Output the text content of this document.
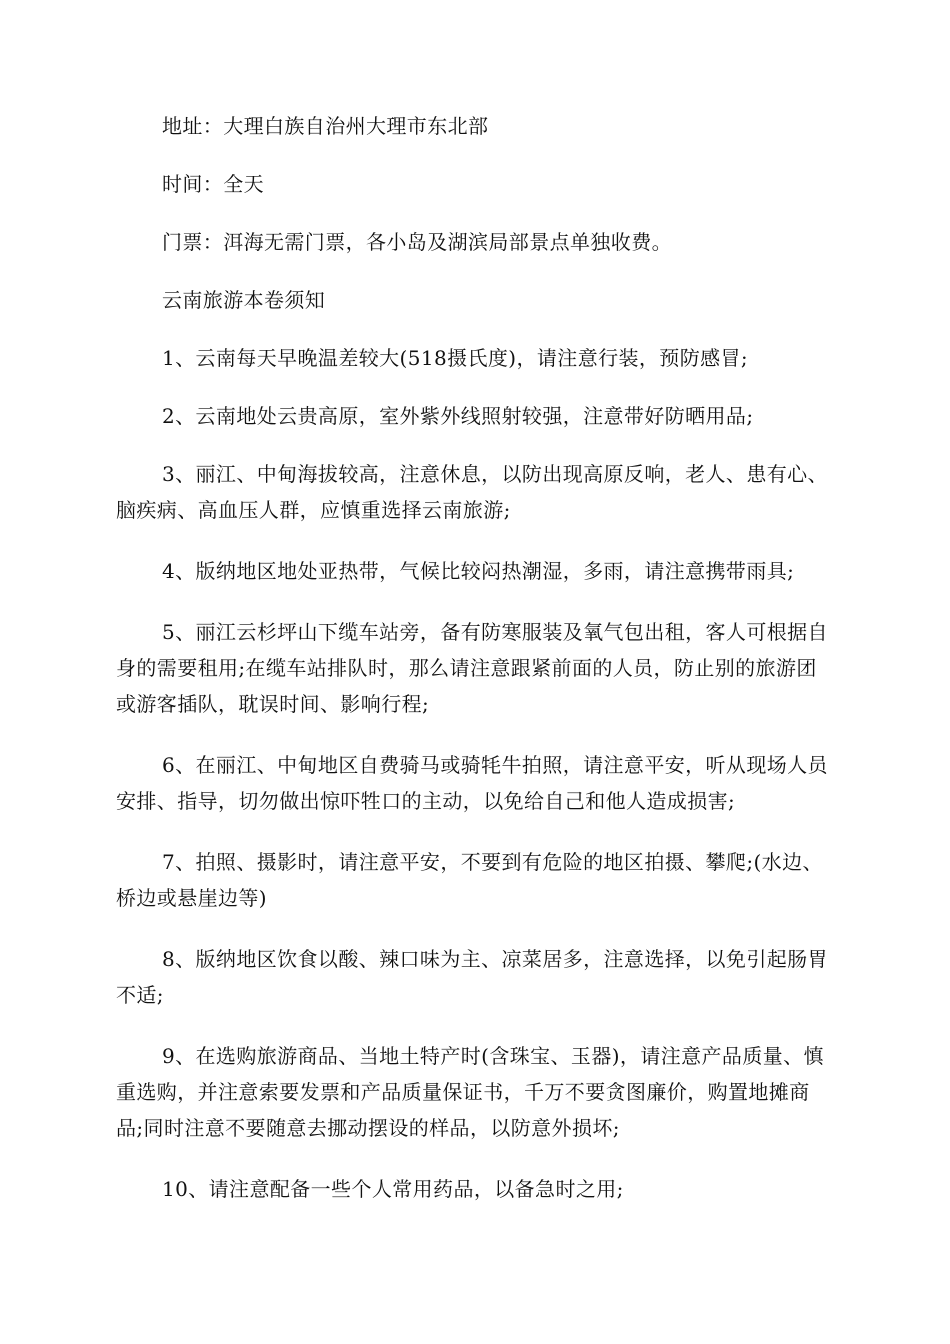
地址：大理白族自治州大理市东北部

时间：全天

门票：洱海无需门票，各小岛及湖滨局部景点单独收费。

云南旅游本卷须知

1、云南每天早晚温差较大(518摄氏度)，请注意行装，预防感冒;

2、云南地处云贵高原，室外紫外线照射较强，注意带好防晒用品;

3、丽江、中甸海拔较高，注意休息，以防出现高原反响，老人、患有心、脑疾病、高血压人群，应慎重选择云南旅游;

4、版纳地区地处亚热带，气候比较闷热潮湿，多雨，请注意携带雨具;

5、丽江云杉坪山下缆车站旁，备有防寒服装及氧气包出租，客人可根据自身的需要租用;在缆车站排队时，那么请注意跟紧前面的人员，防止别的旅游团或游客插队，耽误时间、影响行程;

6、在丽江、中甸地区自费骑马或骑牦牛拍照，请注意平安，听从现场人员安排、指导，切勿做出惊吓牲口的主动，以免给自己和他人造成损害;

7、拍照、摄影时，请注意平安，不要到有危险的地区拍摄、攀爬;(水边、桥边或悬崖边等)

8、版纳地区饮食以酸、辣口味为主、凉菜居多，注意选择，以免引起肠胃不适;

9、在选购旅游商品、当地土特产时(含珠宝、玉器)，请注意产品质量、慎重选购，并注意索要发票和产品质量保证书，千万不要贪图廉价，购置地摊商品;同时注意不要随意去挪动摆设的样品，以防意外损坏;

10、请注意配备一些个人常用药品，以备急时之用;
